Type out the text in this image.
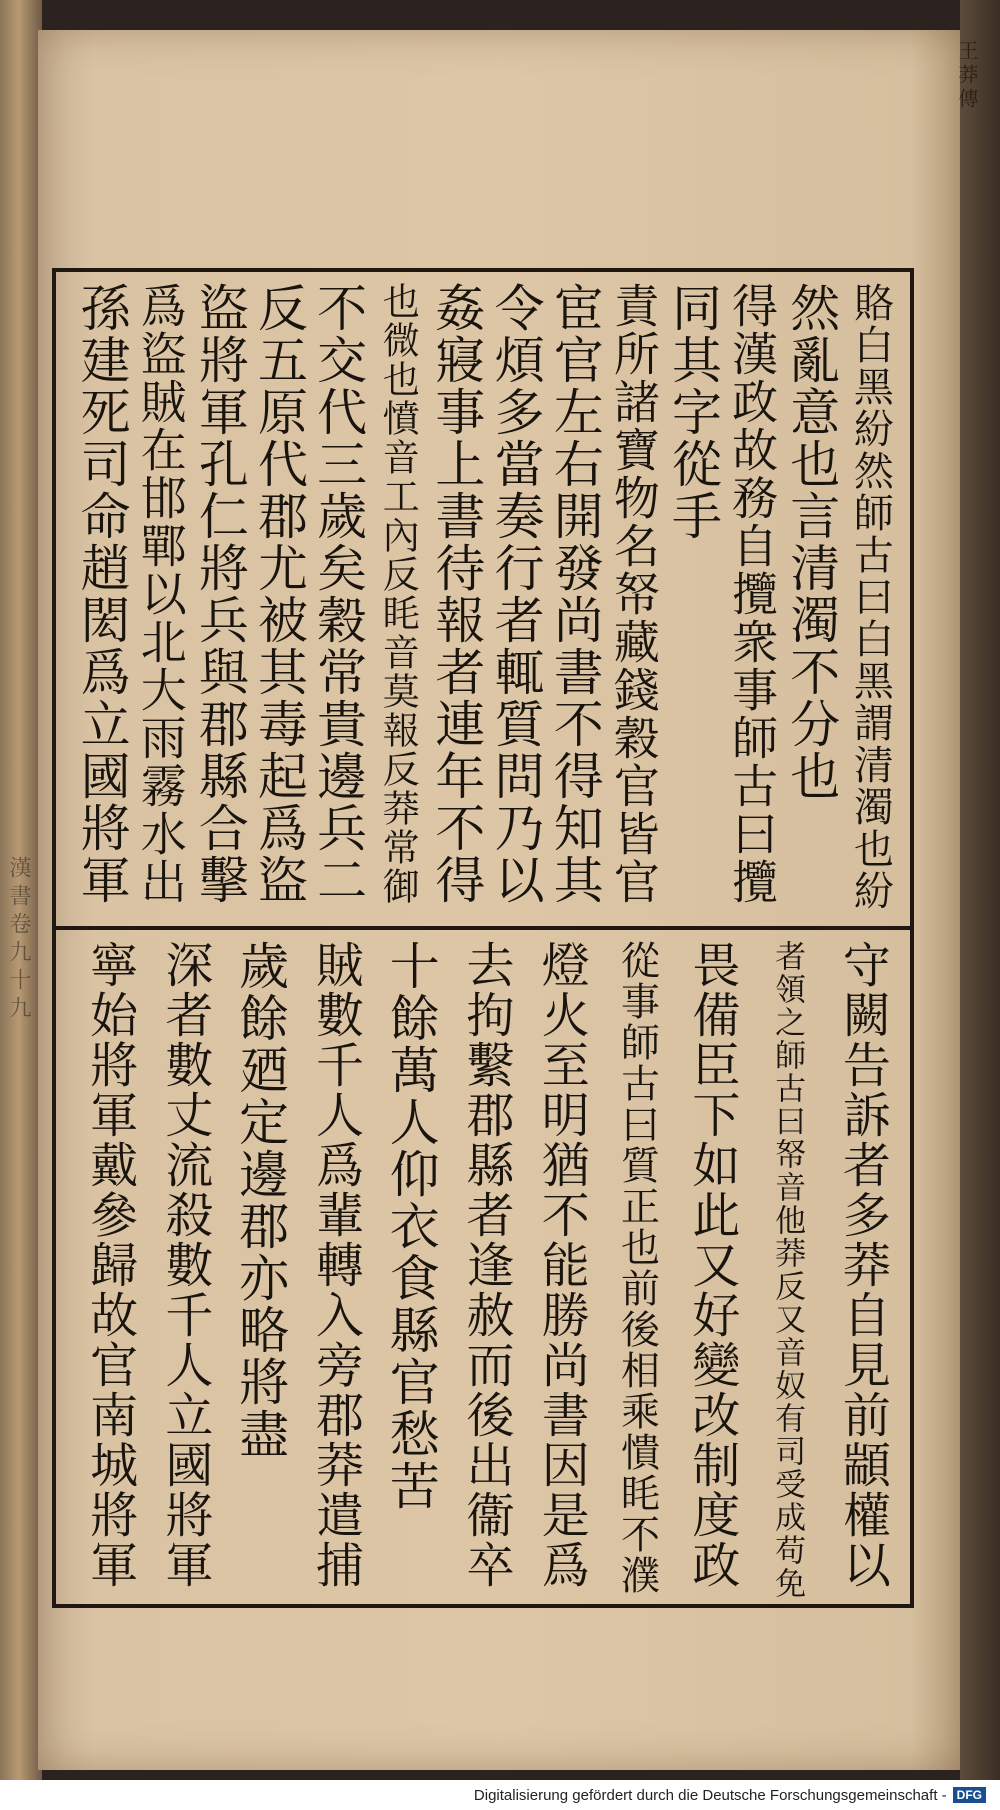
漢書卷九十九
王莽傳
賂白黑紛然師古曰白黑謂清濁也紛
然亂意也言清濁不分也
得漢政故務自攬衆事師古曰攬
同其字從手
責所諸寶物名帑藏錢穀官皆官
宦官左右開發尚書不得知其
令煩多當奏行者輒質問乃以
姦寢事上書待報者連年不得
也微也憤音工內反眊音莫報反莽常御
不交代三歲矣穀常貴邊兵二
反五原代郡尤被其毒起爲盜
盜將軍孔仁將兵與郡縣合擊
爲盜賊在邯鄲以北大雨霧水出
孫建死司命趙閎爲立國將軍
守闕告訴者多莽自見前顓權以
者領之師古曰帑音他莽反又音奴有司受成苟免
畏備臣下如此又好變改制度政
從事師古曰質正也前後相乘憒眊不濮
燈火至明猶不能勝尚書因是爲
去拘繫郡縣者逢赦而後出衞卒
十餘萬人仰衣食縣官愁苦
賊數千人爲輩轉入旁郡莽遣捕
歲餘廼定邊郡亦略將盡
深者數丈流殺數千人立國將軍
寧始將軍戴參歸故官南城將軍
Digitalisierung gefördert durch die Deutsche Forschungsgemeinschaft - DFG
